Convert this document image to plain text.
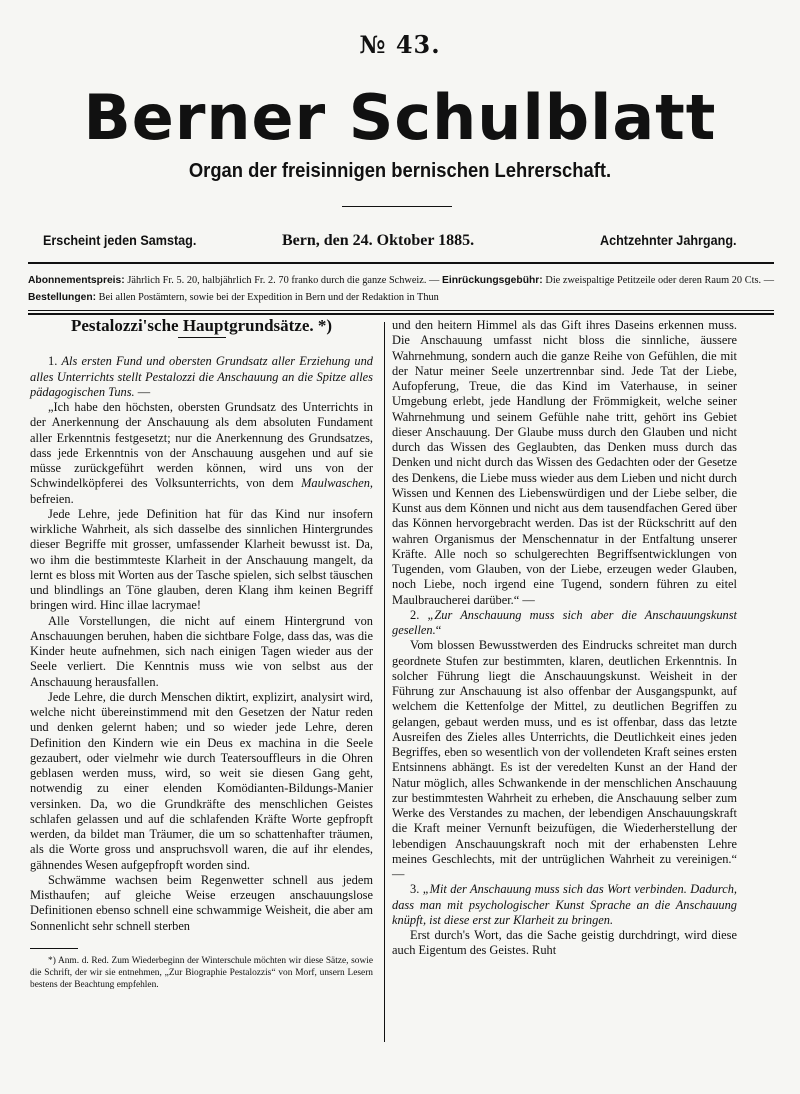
№ 43.
Berner Schulblatt
Organ der freisinnigen bernischen Lehrerschaft.
Erscheint jeden Samstag.	Bern, den 24. Oktober 1885.	Achtzehnter Jahrgang.
Abonnementspreis: Jährlich Fr. 5. 20, halbjährlich Fr. 2. 70 franko durch die ganze Schweiz. — Einrückungsgebühr: Die zweispaltige Petitzeile oder deren Raum 20 Cts. — Bestellungen: Bei allen Postämtern, sowie bei der Expedition in Bern und der Redaktion in Thun

Pestalozzi'sche Hauptgrundsätze. *)

1. Als ersten Fund und obersten Grundsatz aller Erziehung und alles Unterrichts stellt Pestalozzi die Anschauung an die Spitze alles pädagogischen Tuns. —

„Ich habe den höchsten, obersten Grundsatz des Unterrichts in der Anerkennung der Anschauung als dem absoluten Fundament aller Erkenntnis festgesetzt; nur die Anerkennung des Grundsatzes, dass jede Erkenntnis von der Anschauung ausgehen und auf sie müsse zurückgeführt werden können, wird uns von der Schwindelköpferei des Volksunterrichts, von dem Maulwaschen, befreien.

Jede Lehre, jede Definition hat für das Kind nur insofern wirkliche Wahrheit, als sich dasselbe des sinnlichen Hintergrundes dieser Begriffe mit grosser, umfassender Klarheit bewusst ist. Da, wo ihm die bestimmteste Klarheit in der Anschauung mangelt, da lernt es bloss mit Worten aus der Tasche spielen, sich selbst täuschen und blindlings an Töne glauben, deren Klang ihm keinen Begriff bringen wird. Hinc illae lacrymae!

Alle Vorstellungen, die nicht auf einem Hintergrund von Anschauungen beruhen, haben die sichtbare Folge, dass das, was die Kinder heute aufnehmen, sich nach einigen Tagen wieder aus der Seele verliert. Die Kenntnis muss wie von selbst aus der Anschauung herausfallen.

Jede Lehre, die durch Menschen diktirt, explizirt, analysirt wird, welche nicht übereinstimmend mit den Gesetzen der Natur reden und denken gelernt haben; und so wieder jede Lehre, deren Definition den Kindern wie ein Deus ex machina in die Seele gezaubert, oder vielmehr wie durch Teatersouffleurs in die Ohren geblasen werden muss, wird, so weit sie diesen Gang geht, notwendig zu einer elenden Komödianten-Bildungs-Manier versinken. Da, wo die Grundkräfte des menschlichen Geistes schlafen gelassen und auf die schlafenden Kräfte Worte gepfropft werden, da bildet man Träumer, die um so schattenhafter träumen, als die Worte gross und anspruchsvoll waren, die auf ihr elendes, gähnendes Wesen aufgepfropft worden sind.

Schwämme wachsen beim Regenwetter schnell aus jedem Misthaufen; auf gleiche Weise erzeugen anschauungslose Definitionen ebenso schnell eine schwammige Weisheit, die aber am Sonnenlicht sehr schnell sterben

*) Anm. d. Red. Zum Wiederbeginn der Winterschule möchten wir diese Sätze, sowie die Schrift, der wir sie entnehmen, „Zur Biographie Pestalozzis“ von Morf, unsern Lesern bestens der Beachtung empfehlen.

und den heitern Himmel als das Gift ihres Daseins erkennen muss. Die Anschauung umfasst nicht bloss die sinnliche, äussere Wahrnehmung, sondern auch die ganze Reihe von Gefühlen, die mit der Natur meiner Seele unzertrennbar sind. Jede Tat der Liebe, Aufopferung, Treue, die das Kind im Vaterhause, in seiner Umgebung erlebt, jede Handlung der Frömmigkeit, welche seiner Wahrnehmung und seinem Gefühle nahe tritt, gehört ins Gebiet dieser Anschauung. Der Glaube muss durch den Glauben und nicht durch das Wissen des Geglaubten, das Denken muss durch das Denken und nicht durch das Wissen des Gedachten oder der Gesetze des Denkens, die Liebe muss wieder aus dem Lieben und nicht durch Wissen und Kennen des Liebenswürdigen und der Liebe selber, die Kunst aus dem Können und nicht aus dem tausendfachen Gered über das Können hervorgebracht werden. Das ist der Rückschritt auf den wahren Organismus der Menschennatur in der Entfaltung unserer Kräfte. Alle noch so schulgerechten Begriffsentwicklungen von Tugenden, vom Glauben, von der Liebe, erzeugen weder Glauben, noch Liebe, noch irgend eine Tugend, sondern führen zu eitel Maulbraucherei darüber.“ —

2. „Zur Anschauung muss sich aber die Anschauungskunst gesellen.“

Vom blossen Bewusstwerden des Eindrucks schreitet man durch geordnete Stufen zur bestimmten, klaren, deutlichen Erkenntnis. In solcher Führung liegt die Anschauungskunst. Weisheit in der Führung zur Anschauung ist also offenbar der Ausgangspunkt, auf welchem die Kettenfolge der Mittel, zu deutlichen Begriffen zu gelangen, gebaut werden muss, und es ist offenbar, dass das letzte Ausreifen des Zieles alles Unterrichts, die Deutlichkeit eines jeden Begriffes, eben so wesentlich von der vollendeten Kraft seines ersten Entsinnens abhängt. Es ist der veredelten Kunst an der Hand der Natur möglich, alles Schwankende in der menschlichen Anschauung zur bestimmtesten Wahrheit zu erheben, die Anschauung selber zum Werke des Verstandes zu machen, der lebendigen Anschauungskraft die Kraft meiner Vernunft beizufügen, die Wiederherstellung der lebendigen Anschauungskraft noch mit der erhabensten Lehre meines Geschlechts, mit der untrüglichen Wahrheit zu vereinigen.“ —

3. „Mit der Anschauung muss sich das Wort verbinden. Dadurch, dass man mit psychologischer Kunst Sprache an die Anschauung knüpft, ist diese erst zur Klarheit zu bringen.

Erst durch's Wort, das die Sache geistig durchdringt, wird diese auch Eigentum des Geistes. Ruht
